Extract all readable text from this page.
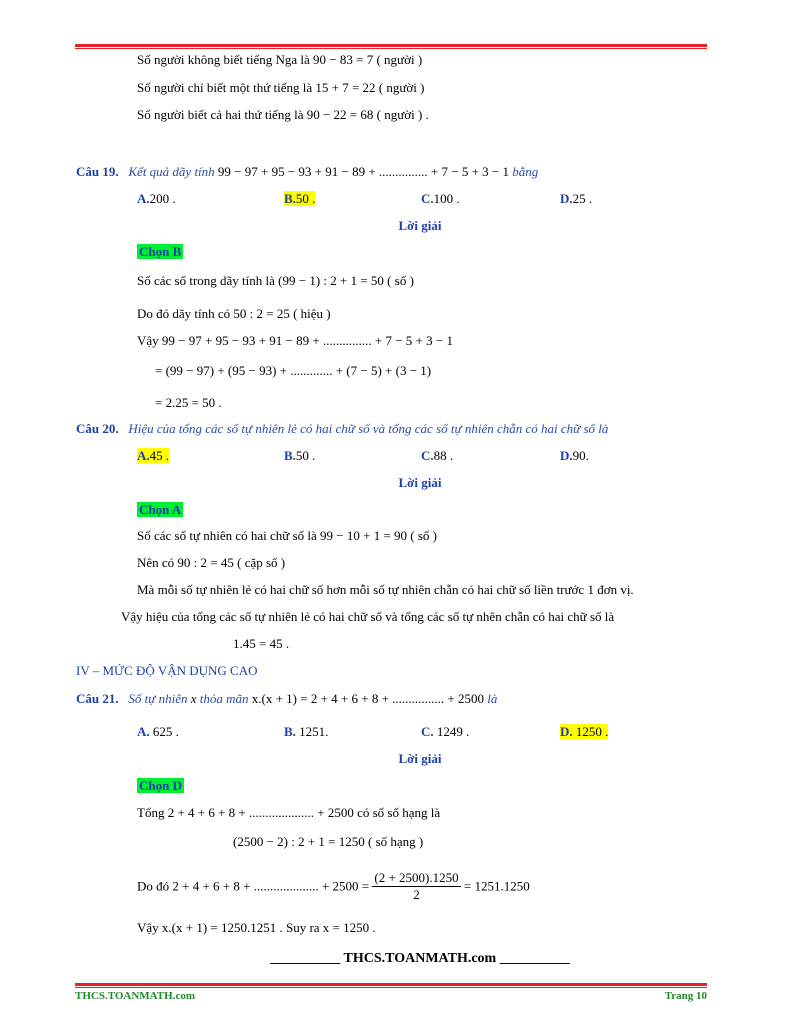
Số người không biết tiếng Nga là 90 − 83 = 7 ( người )
Số người chỉ biết một thứ tiếng là 15 + 7 = 22 ( người )
Số người biết cả hai thứ tiếng là 90 − 22 = 68 ( người ) .
Câu 19. Kết quả dãy tính 99 − 97 + 95 − 93 + 91 − 89 + ............... + 7 − 5 + 3 − 1 bằng
A.200 .	B.50 .	C.100 .	D.25 .
Lời giải
Chọn B
Số các số trong dãy tính là (99 − 1) : 2 + 1 = 50 ( số )
Do đó dãy tính có 50 : 2 = 25 ( hiệu )
Vậy 99 − 97 + 95 − 93 + 91 − 89 + ............... + 7 − 5 + 3 − 1
= (99 − 97) + (95 − 93) + ............. + (7 − 5) + (3 − 1)
= 2.25 = 50 .
Câu 20. Hiệu của tổng các số tự nhiên lẻ có hai chữ số và tổng các số tự nhiên chẵn có hai chữ số là
A.45 .	B.50 .	C.88 .	D.90.
Lời giải
Chọn A
Số các số tự nhiên có hai chữ số là 99 − 10 + 1 = 90 ( số )
Nên có 90 : 2 = 45 ( cặp số )
Mà mỗi số tự nhiên lẻ có hai chữ số hơn mỗi số tự nhiên chẵn có hai chữ số liền trước 1 đơn vị.
Vậy hiệu của tổng các số tự nhiên lẻ có hai chữ số và tổng các số tự nhên chẵn có hai chữ số là
1.45 = 45 .
IV – MỨC ĐỘ VẬN DỤNG CAO
Câu 21. Số tự nhiên x thỏa mãn x.(x + 1) = 2 + 4 + 6 + 8 + ................ + 2500 là
A. 625 .	B. 1251.	C. 1249 .	D. 1250 .
Lời giải
Chọn D
Tổng 2 + 4 + 6 + 8 + .................... + 2500 có số số hạng là
(2500 − 2) : 2 + 1 = 1250 ( số hạng )
Do đó 2 + 4 + 6 + 8 + .................... + $2500 = \frac{(2 + 2500).1250}{2} = 1251.1250$
Vậy x.(x + 1) = 1250.1251 . Suy ra x = 1250 .
__________ THCS.TOANMATH.com __________
THCS.TOANMATH.com	Trang 10
